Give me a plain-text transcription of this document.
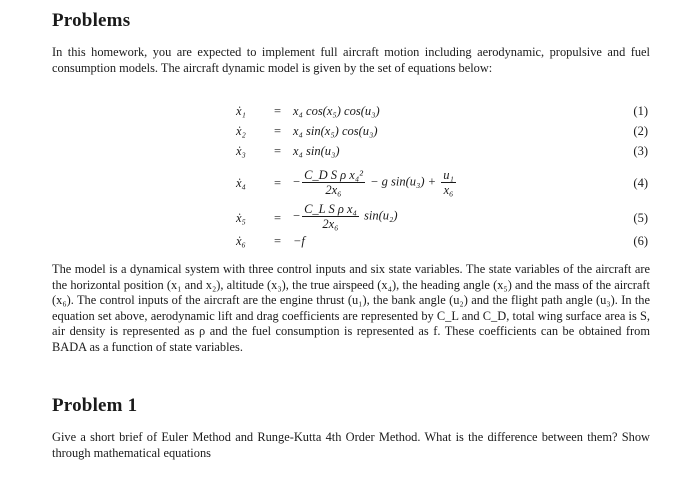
Problems

In this homework, you are expected to implement full aircraft motion including aerodynamic, propulsive and fuel consumption models. The aircraft dynamic model is given by the set of equations below:

ẋ₁ = x₄ cos(x₅) cos(u₃)	(1)
ẋ₂ = x₄ sin(x₅) cos(u₃)	(2)
ẋ₃ = x₄ sin(u₃)	(3)
ẋ₄ = − $\frac{\text{C\_D S ρ x₄²}}{\text{2x₆}} - g$ $\sin(u_3) + \frac{\text{u₁}}{\text{x₆}}$	(4)
ẋ₅ = − $\frac{\text{C\_L S ρ x₄}}{\text{2x₆}} \sin(u_2)$	(5)
ẋ₆ = −f	(6)

The model is a dynamical system with three control inputs and six state variables. The state variables of the aircraft are the horizontal position (x₁ and x₂), altitude (x₃), the true airspeed (x₄), the heading angle (x₅) and the mass of the aircraft (x₆). The control inputs of the aircraft are the engine thrust (u₁), the bank angle (u₂) and the flight path angle (u₃). In the equation set above, aerodynamic lift and drag coefficients are represented by C_L and C_D, total wing surface area is S, air density is represented as ρ and the fuel consumption is represented as f. These coefficients can be obtained from BADA as a function of state variables.

Problem 1

Give a short brief of Euler Method and Runge-Kutta 4th Order Method. What is the difference between them? Show through mathematical equations
